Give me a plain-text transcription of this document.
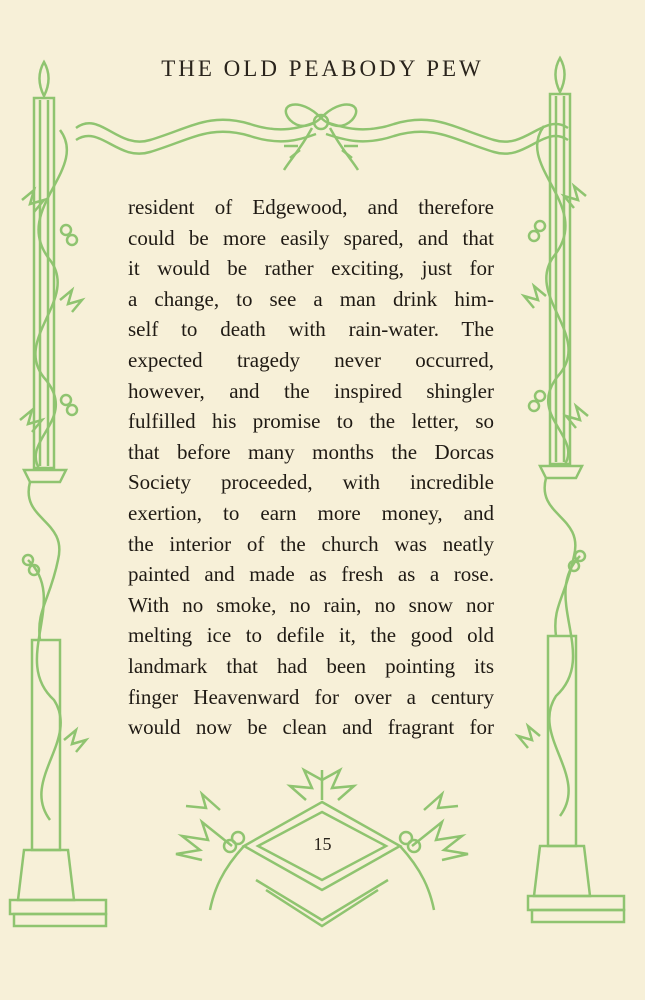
THE OLD PEABODY PEW
resident of Edgewood, and therefore
could be more easily spared, and that
it would be rather exciting, just for
a change, to see a man drink him-
self to death with rain-water. The
expected tragedy never occurred,
however, and the inspired shingler
fulfilled his promise to the letter, so
that before many months the Dorcas
Society proceeded, with incredible
exertion, to earn more money, and
the interior of the church was neatly
painted and made as fresh as a rose.
With no smoke, no rain, no snow nor
melting ice to defile it, the good old
landmark that had been pointing its
finger Heavenward for over a century
would now be clean and fragrant for
15
